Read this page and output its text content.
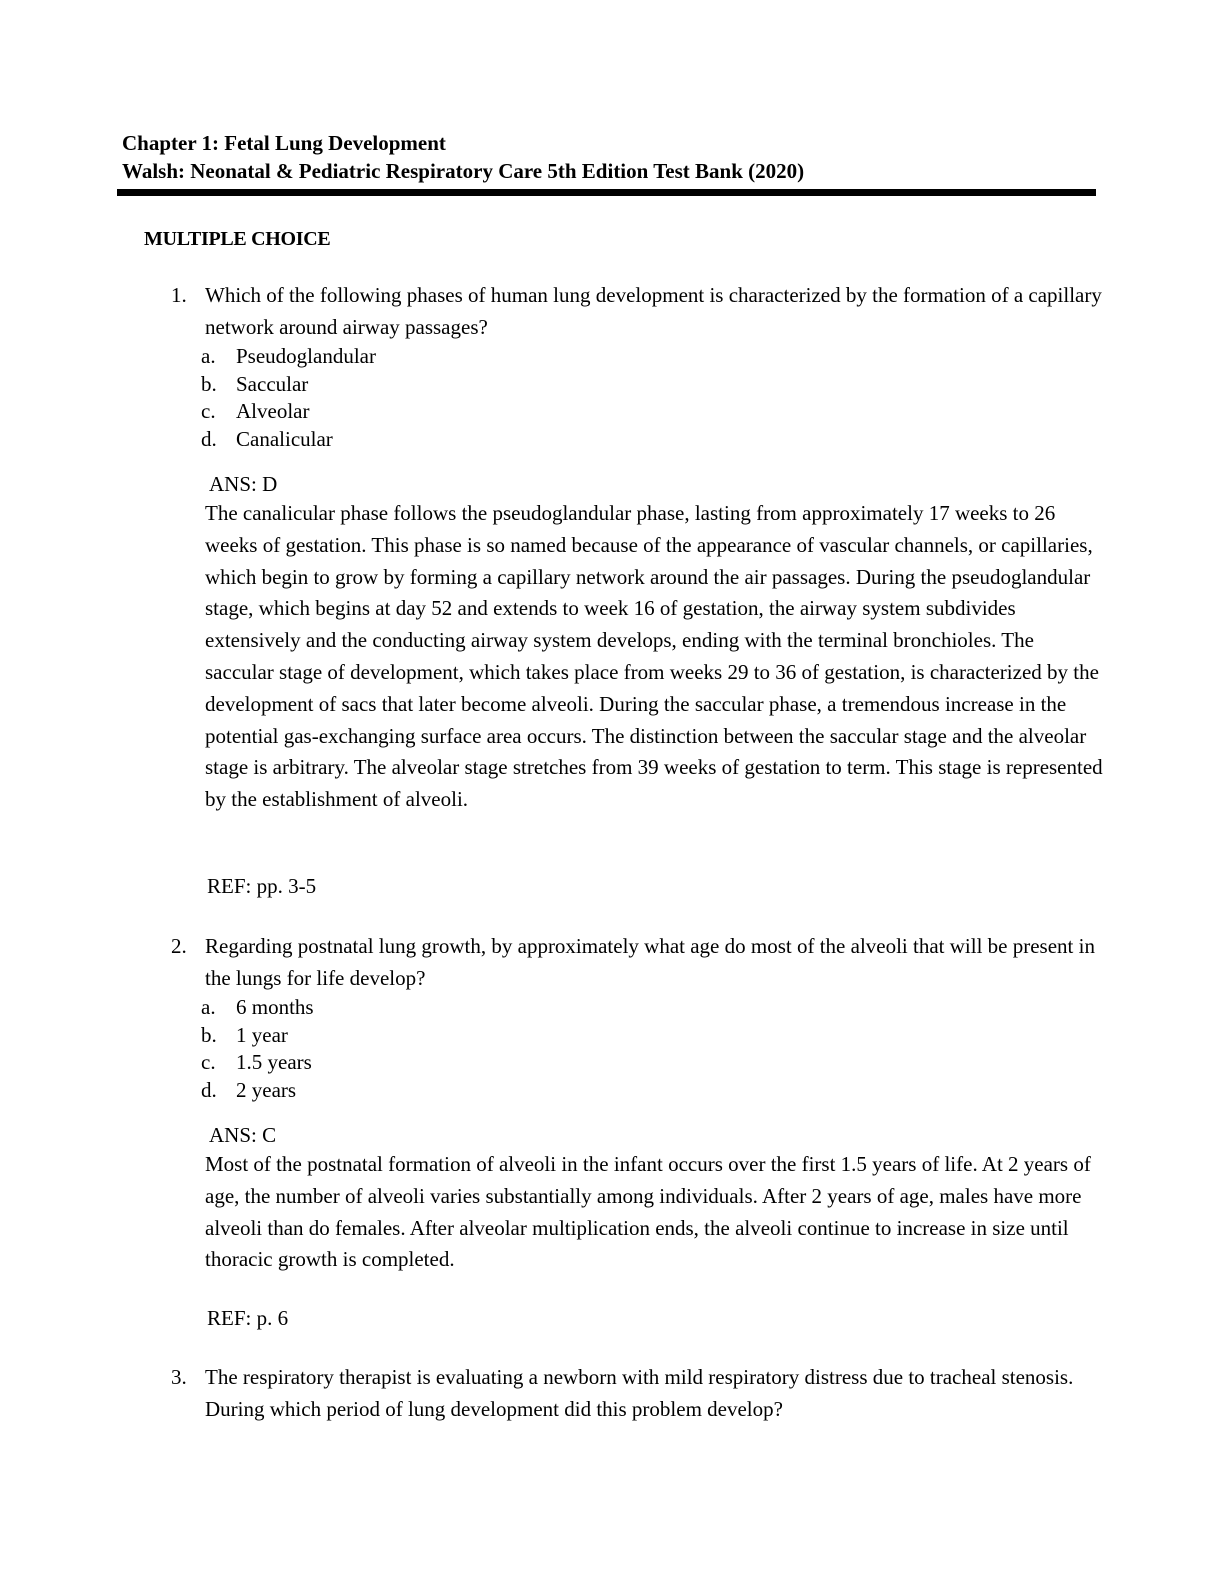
Chapter 1: Fetal Lung Development
Walsh: Neonatal & Pediatric Respiratory Care 5th Edition Test Bank (2020)
MULTIPLE CHOICE
1. Which of the following phases of human lung development is characterized by the formation of a capillary network around airway passages?
a. Pseudoglandular
b. Saccular
c. Alveolar
d. Canalicular
ANS: D
The canalicular phase follows the pseudoglandular phase, lasting from approximately 17 weeks to 26 weeks of gestation. This phase is so named because of the appearance of vascular channels, or capillaries, which begin to grow by forming a capillary network around the air passages. During the pseudoglandular stage, which begins at day 52 and extends to week 16 of gestation, the airway system subdivides extensively and the conducting airway system develops, ending with the terminal bronchioles. The saccular stage of development, which takes place from weeks 29 to 36 of gestation, is characterized by the development of sacs that later become alveoli. During the saccular phase, a tremendous increase in the potential gas-exchanging surface area occurs. The distinction between the saccular stage and the alveolar stage is arbitrary. The alveolar stage stretches from 39 weeks of gestation to term. This stage is represented by the establishment of alveoli.
REF: pp. 3-5
2. Regarding postnatal lung growth, by approximately what age do most of the alveoli that will be present in the lungs for life develop?
a. 6 months
b. 1 year
c. 1.5 years
d. 2 years
ANS: C
Most of the postnatal formation of alveoli in the infant occurs over the first 1.5 years of life. At 2 years of age, the number of alveoli varies substantially among individuals. After 2 years of age, males have more alveoli than do females. After alveolar multiplication ends, the alveoli continue to increase in size until thoracic growth is completed.
REF: p. 6
3. The respiratory therapist is evaluating a newborn with mild respiratory distress due to tracheal stenosis. During which period of lung development did this problem develop?
